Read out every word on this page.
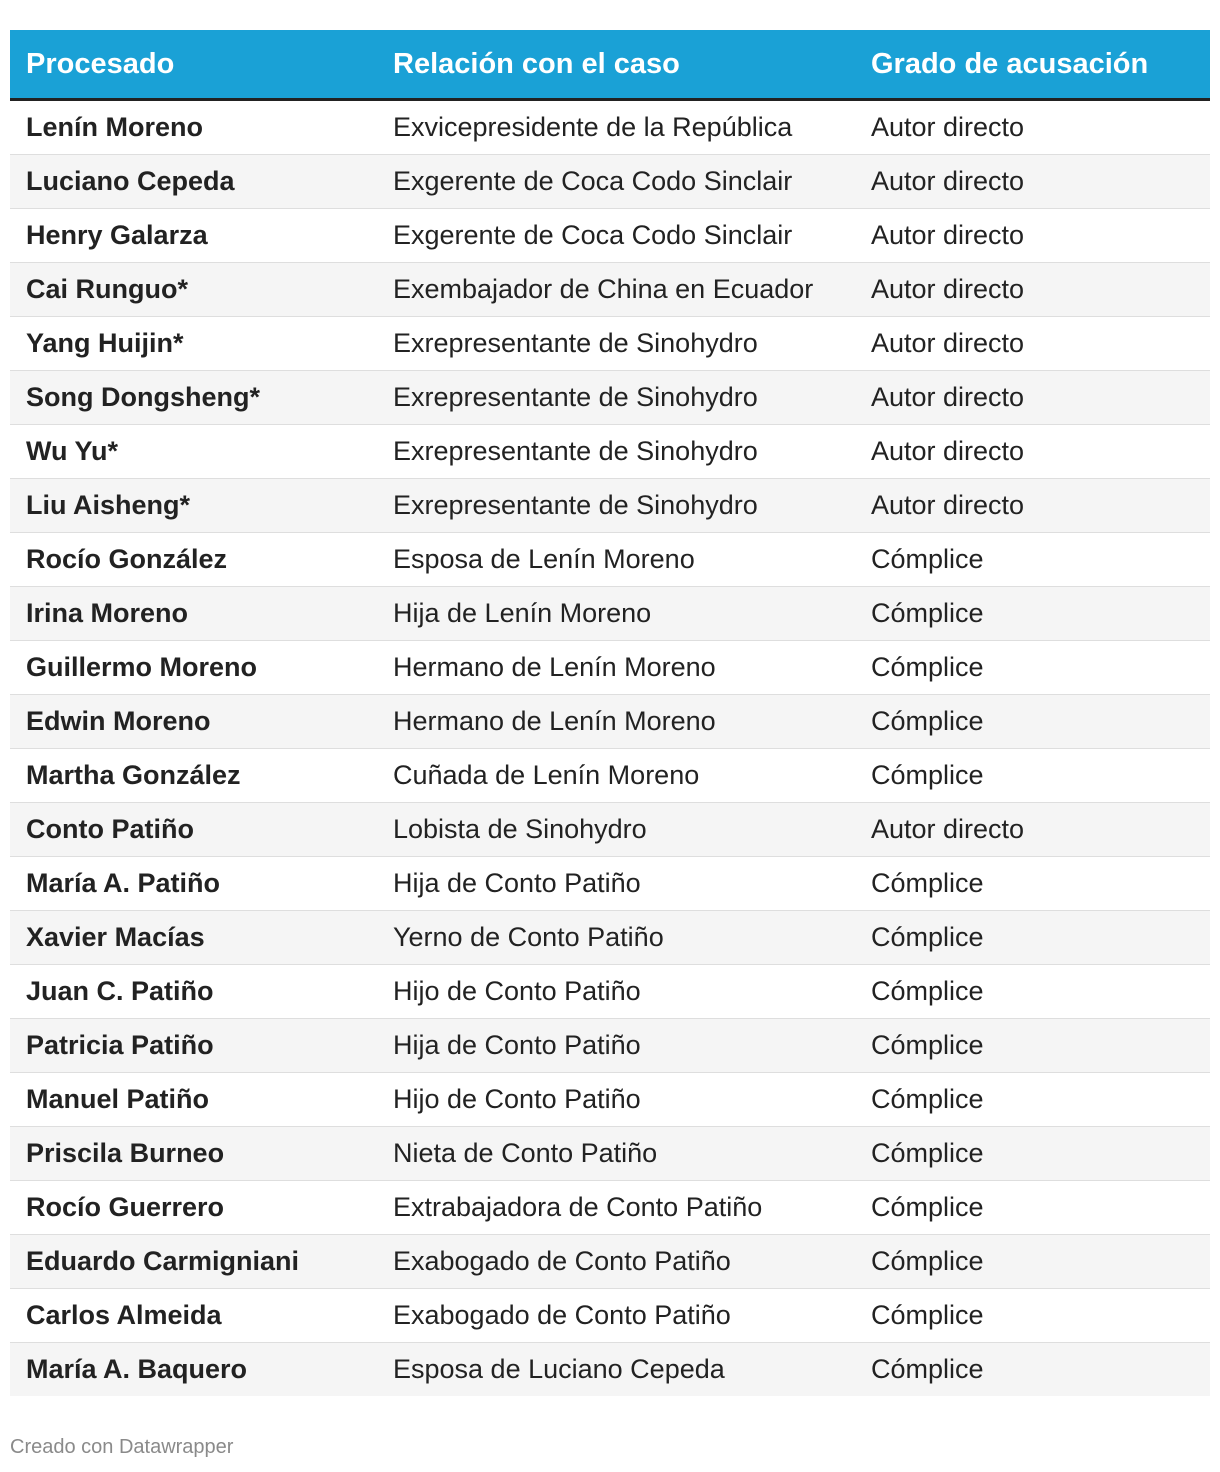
Procesado	Relación con el caso	Grado de acusación
Lenín Moreno	Exvicepresidente de la República	Autor directo
Luciano Cepeda	Exgerente de Coca Codo Sinclair	Autor directo
Henry Galarza	Exgerente de Coca Codo Sinclair	Autor directo
Cai Runguo*	Exembajador de China en Ecuador	Autor directo
Yang Huijin*	Exrepresentante de Sinohydro	Autor directo
Song Dongsheng*	Exrepresentante de Sinohydro	Autor directo
Wu Yu*	Exrepresentante de Sinohydro	Autor directo
Liu Aisheng*	Exrepresentante de Sinohydro	Autor directo
Rocío González	Esposa de Lenín Moreno	Cómplice
Irina Moreno	Hija de Lenín Moreno	Cómplice
Guillermo Moreno	Hermano de Lenín Moreno	Cómplice
Edwin Moreno	Hermano de Lenín Moreno	Cómplice
Martha González	Cuñada de Lenín Moreno	Cómplice
Conto Patiño	Lobista de Sinohydro	Autor directo
María A. Patiño	Hija de Conto Patiño	Cómplice
Xavier Macías	Yerno de Conto Patiño	Cómplice
Juan C. Patiño	Hijo de Conto Patiño	Cómplice
Patricia Patiño	Hija de Conto Patiño	Cómplice
Manuel Patiño	Hijo de Conto Patiño	Cómplice
Priscila Burneo	Nieta de Conto Patiño	Cómplice
Rocío Guerrero	Extrabajadora de Conto Patiño	Cómplice
Eduardo Carmigniani	Exabogado de Conto Patiño	Cómplice
Carlos Almeida	Exabogado de Conto Patiño	Cómplice
María A. Baquero	Esposa de Luciano Cepeda	Cómplice
Creado con Datawrapper
